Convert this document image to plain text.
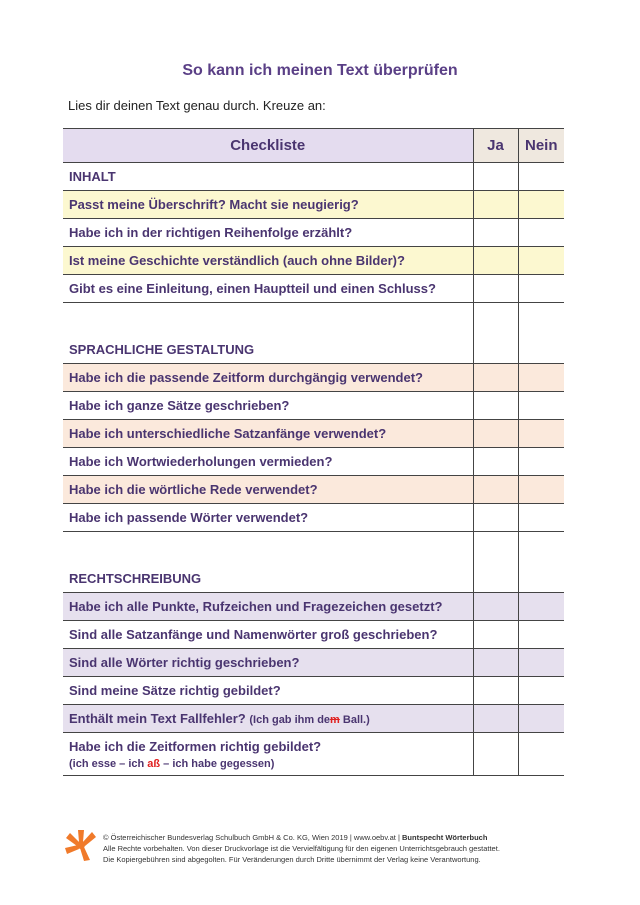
So kann ich meinen Text überprüfen
Lies dir deinen Text genau durch. Kreuze an:
Checkliste	Ja	Nein
INHALT		
Passt meine Überschrift? Macht sie neugierig?		
Habe ich in der richtigen Reihenfolge erzählt?		
Ist meine Geschichte verständlich (auch ohne Bilder)?		
Gibt es eine Einleitung, einen Hauptteil und einen Schluss?		
SPRACHLICHE GESTALTUNG		
Habe ich die passende Zeitform durchgängig verwendet?		
Habe ich ganze Sätze geschrieben?		
Habe ich unterschiedliche Satzanfänge verwendet?		
Habe ich Wortwiederholungen vermieden?		
Habe ich die wörtliche Rede verwendet?		
Habe ich passende Wörter verwendet?		
RECHTSCHREIBUNG		
Habe ich alle Punkte, Rufzeichen und Fragezeichen gesetzt?		
Sind alle Satzanfänge und Namenwörter groß geschrieben?		
Sind alle Wörter richtig geschrieben?		
Sind meine Sätze richtig gebildet?		
Enthält mein Text Fallfehler? (Ich gab ihm dem Ball.)		

Habe ich die Zeitformen richtig gebildet?
(ich esse – ich aß – ich habe gegessen)		

© Österreichischer Bundesverlag Schulbuch GmbH & Co. KG, Wien 2019 | www.oebv.at | Buntspecht Wörterbuch
Alle Rechte vorbehalten. Von dieser Druckvorlage ist die Vervielfältigung für den eigenen Unterrichtsgebrauch gestattet.
Die Kopiergebühren sind abgegolten. Für Veränderungen durch Dritte übernimmt der Verlag keine Verantwortung.
